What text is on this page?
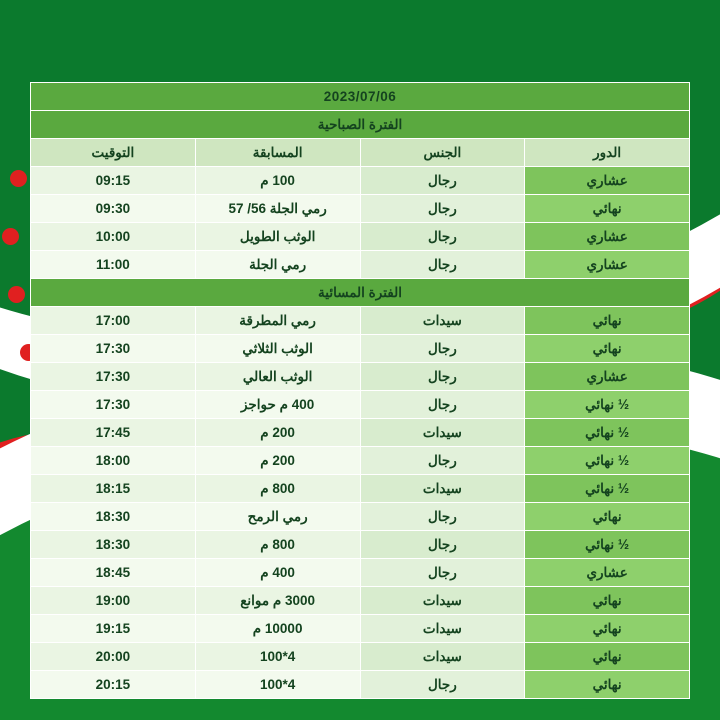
2023/07/06			
الفترة الصباحية			
الدور	الجنس	المسابقة	التوقيت
عشاري	رجال	100 م	09:15
نهائي	رجال	رمي الجلة 56/ 57	09:30
عشاري	رجال	الوثب الطويل	10:00
عشاري	رجال	رمي الجلة	11:00
الفترة المسائية			
نهائي	سيدات	رمي المطرقة	17:00
نهائي	رجال	الوثب الثلاثي	17:30
عشاري	رجال	الوثب العالي	17:30
½ نهائي	رجال	400 م حواجز	17:30
½ نهائي	سيدات	200 م	17:45
½ نهائي	رجال	200 م	18:00
½ نهائي	سيدات	800 م	18:15
نهائي	رجال	رمي الرمح	18:30
½ نهائي	رجال	800 م	18:30
عشاري	رجال	400 م	18:45
نهائي	سيدات	3000 م موانع	19:00
نهائي	سيدات	10000 م	19:15
نهائي	سيدات	4*100	20:00
نهائي	رجال	4*100	20:15
